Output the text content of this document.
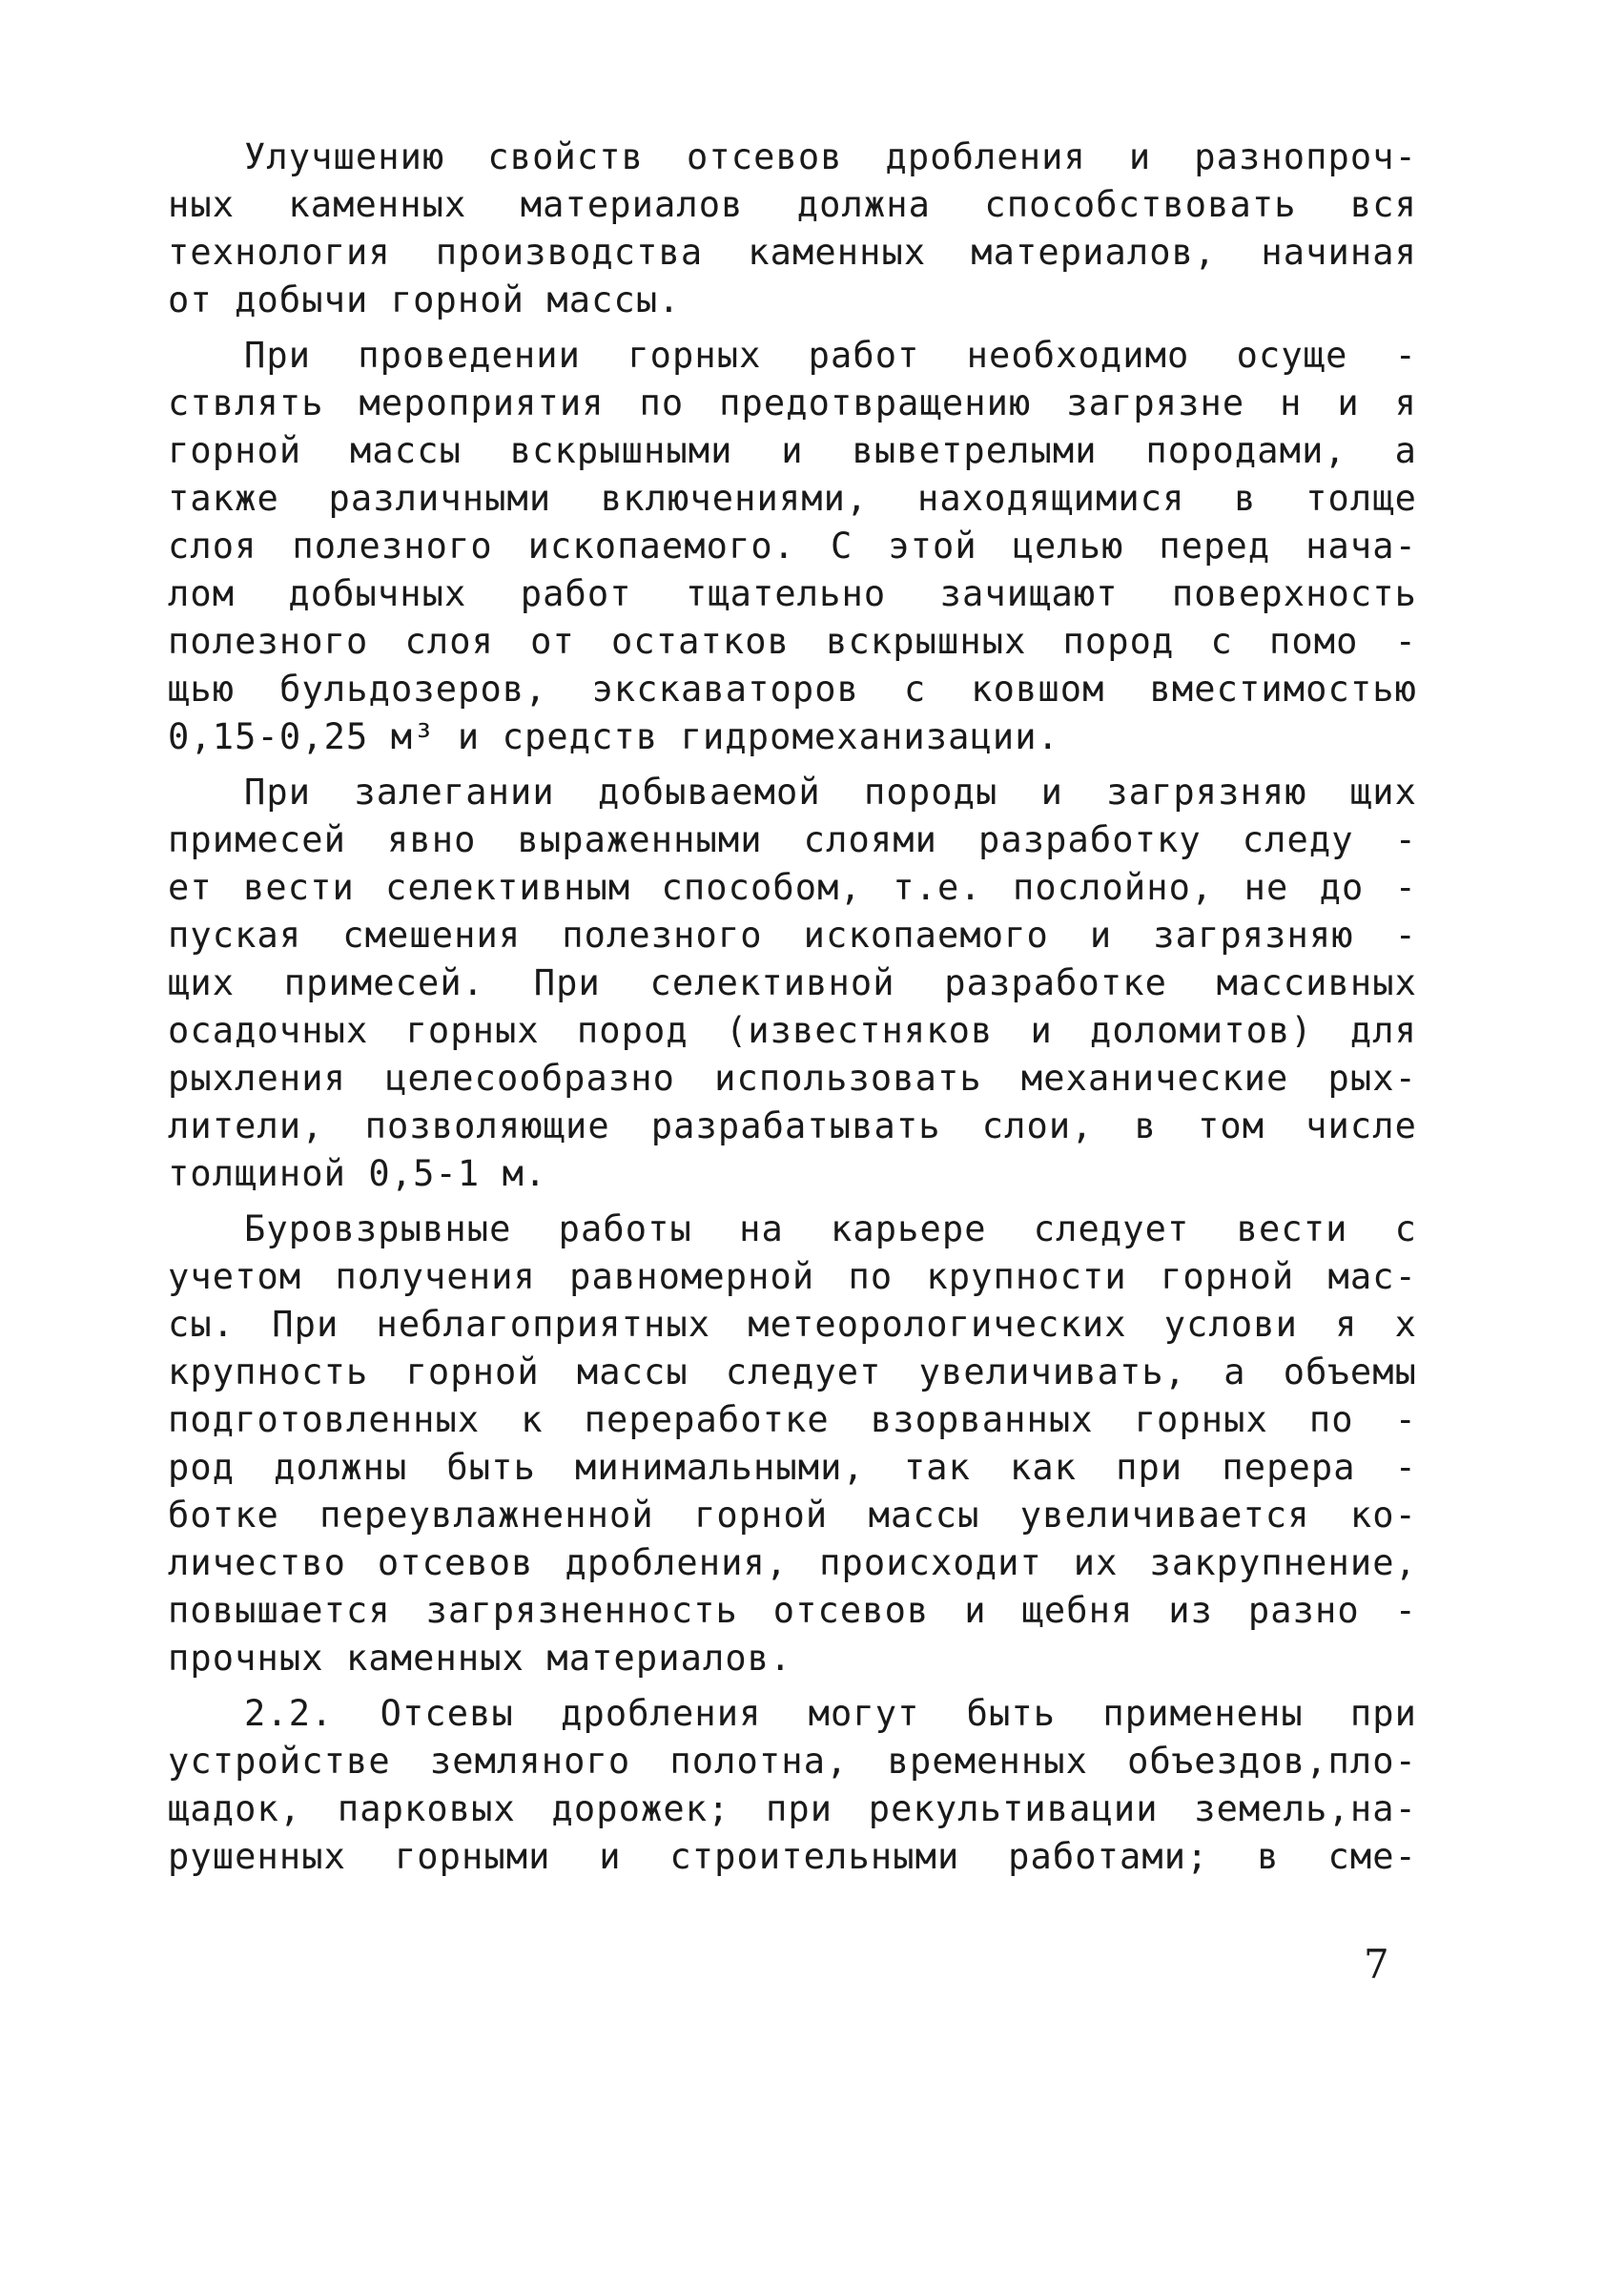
Улучшению свойств отсевов дробления и разнопроч-
ных каменных материалов должна способствовать вся
технология производства каменных материалов, начиная
от добычи горной массы.
При проведении горных работ необходимо осуще -
ствлять мероприятия по предотвращению загрязне н и я
горной массы вскрышными и выветрелыми породами, а
также различными включениями, находящимися в толще
слоя полезного ископаемого. С этой целью перед нача-
лом добычных работ тщательно зачищают поверхность
полезного слоя от остатков вскрышных пород с помо -
щью бульдозеров, экскаваторов с ковшом вместимостью
0,15-0,25 м³ и средств гидромеханизации.
При залегании добываемой породы и загрязняю щих
примесей явно выраженными слоями разработку следу -
ет вести селективным способом, т.е. послойно, не до -
пуская смешения полезного ископаемого и загрязняю -
щих примесей. При селективной разработке массивных
осадочных горных пород (известняков и доломитов) для
рыхления целесообразно использовать механические рых-
лители, позволяющие разрабатывать слои, в том числе
толщиной 0,5-1 м.
Буровзрывные работы на карьере следует вести с
учетом получения равномерной по крупности горной мас-
сы. При неблагоприятных метеорологических услови я х
крупность горной массы следует увеличивать, а объемы
подготовленных к переработке взорванных горных по -
род должны быть минимальными, так как при перера -
ботке переувлажненной горной массы увеличивается ко-
личество отсевов дробления, происходит их закрупнение,
повышается загрязненность отсевов и щебня из разно -
прочных каменных материалов.
2.2. Отсевы дробления могут быть применены при
устройстве земляного полотна, временных объездов,пло-
щадок, парковых дорожек; при рекультивации земель,на-
рушенных горными и строительными работами; в сме-
7
